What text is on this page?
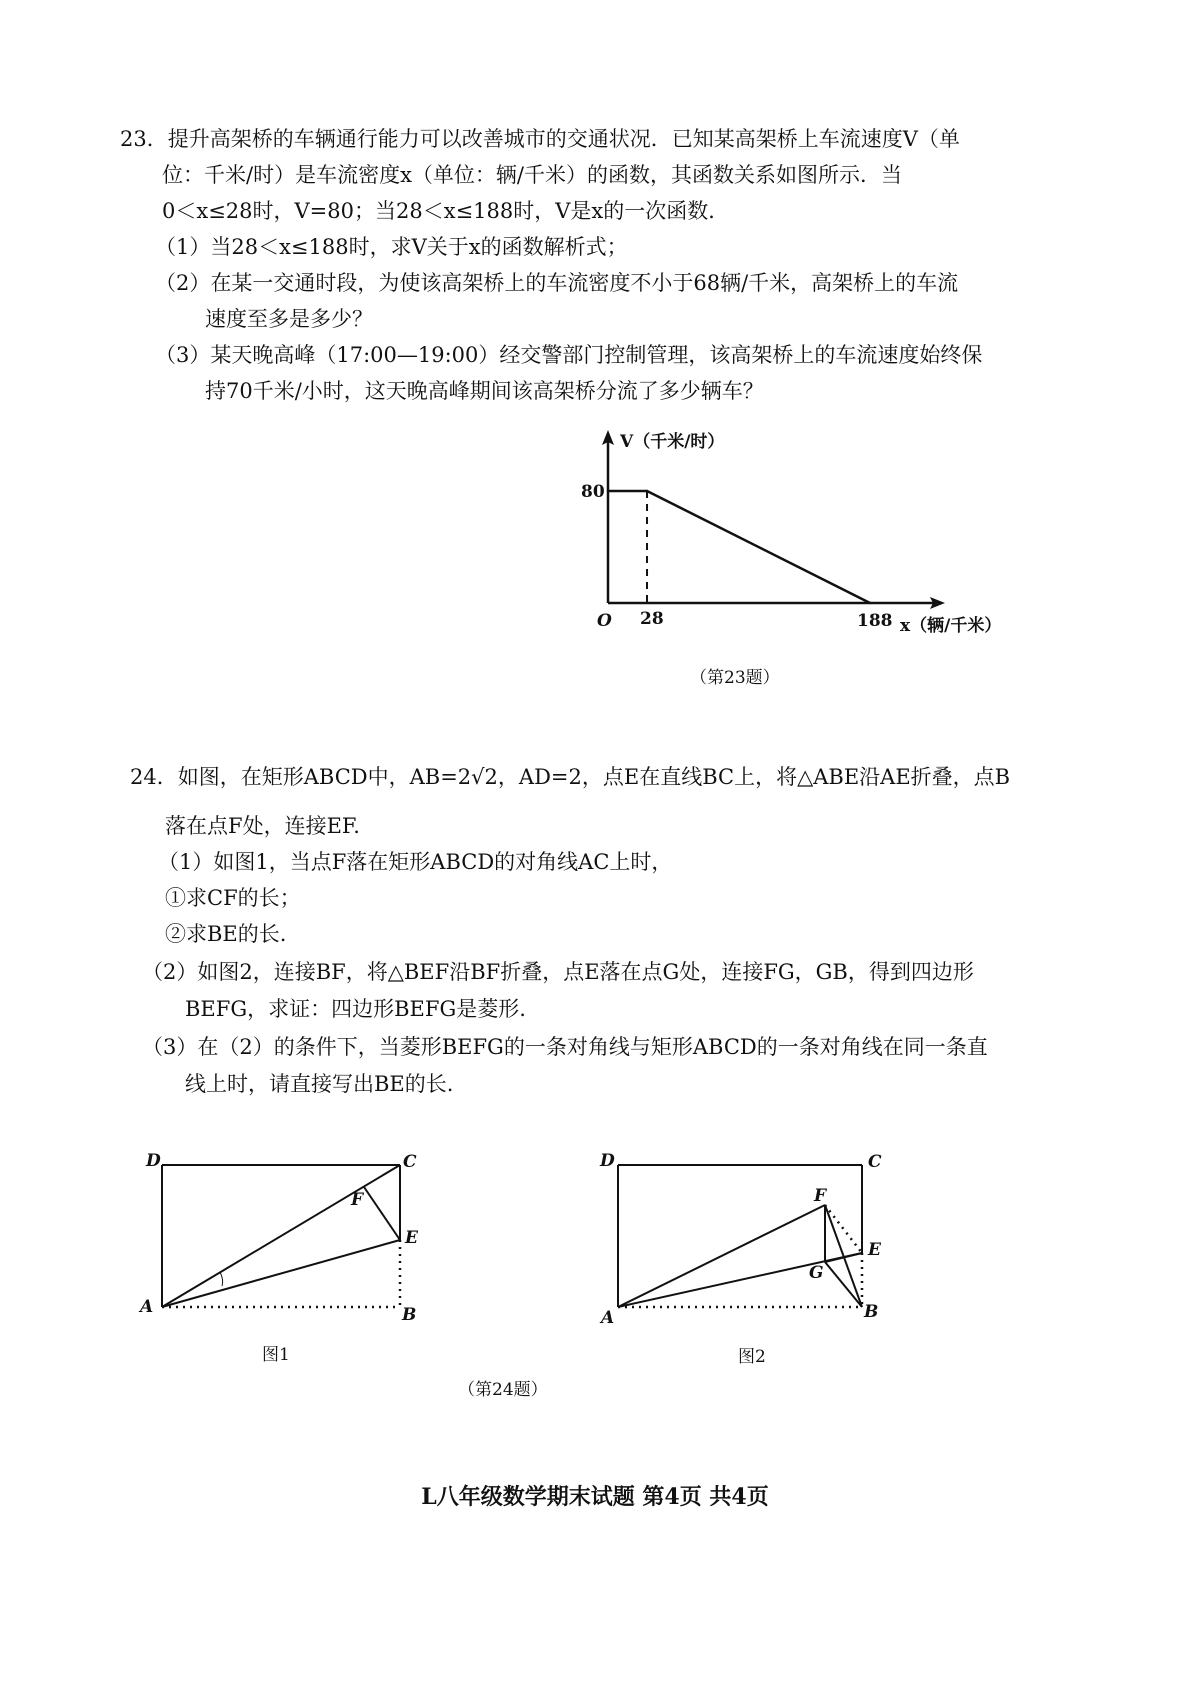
23．提升高架桥的车辆通行能力可以改善城市的交通状况．已知某高架桥上车流速度V（单
位：千米/时）是车流密度x（单位：辆/千米）的函数，其函数关系如图所示．当
0＜x≤28时，V=80；当28＜x≤188时，V是x的一次函数．
（1）当28＜x≤188时，求V关于x的函数解析式；
（2）在某一交通时段，为使该高架桥上的车流密度不小于68辆/千米，高架桥上的车流
速度至多是多少？
（3）某天晚高峰（17:00—19:00）经交警部门控制管理，该高架桥上的车流速度始终保
持70千米/小时，这天晚高峰期间该高架桥分流了多少辆车？
V（千米/时）
x（辆/千米）
O
80
28	188
（第23题）
24．如图，在矩形ABCD中，AB=2√2，AD=2，点E在直线BC上，将△ABE沿AE折叠，点B
落在点F处，连接EF.
（1）如图1，当点F落在矩形ABCD的对角线AC上时，
①求CF的长；
②求BE的长.
（2）如图2，连接BF，将△BEF沿BF折叠，点E落在点G处，连接FG，GB，得到四边形
BEFG，求证：四边形BEFG是菱形.
（3）在（2）的条件下，当菱形BEFG的一条对角线与矩形ABCD的一条对角线在同一条直
线上时，请直接写出BE的长.
D	C
F
E
A	B
图1
D	C
F
E
G
A	B
图2
（第24题）
L八年级数学期末试题 第4页 共4页
